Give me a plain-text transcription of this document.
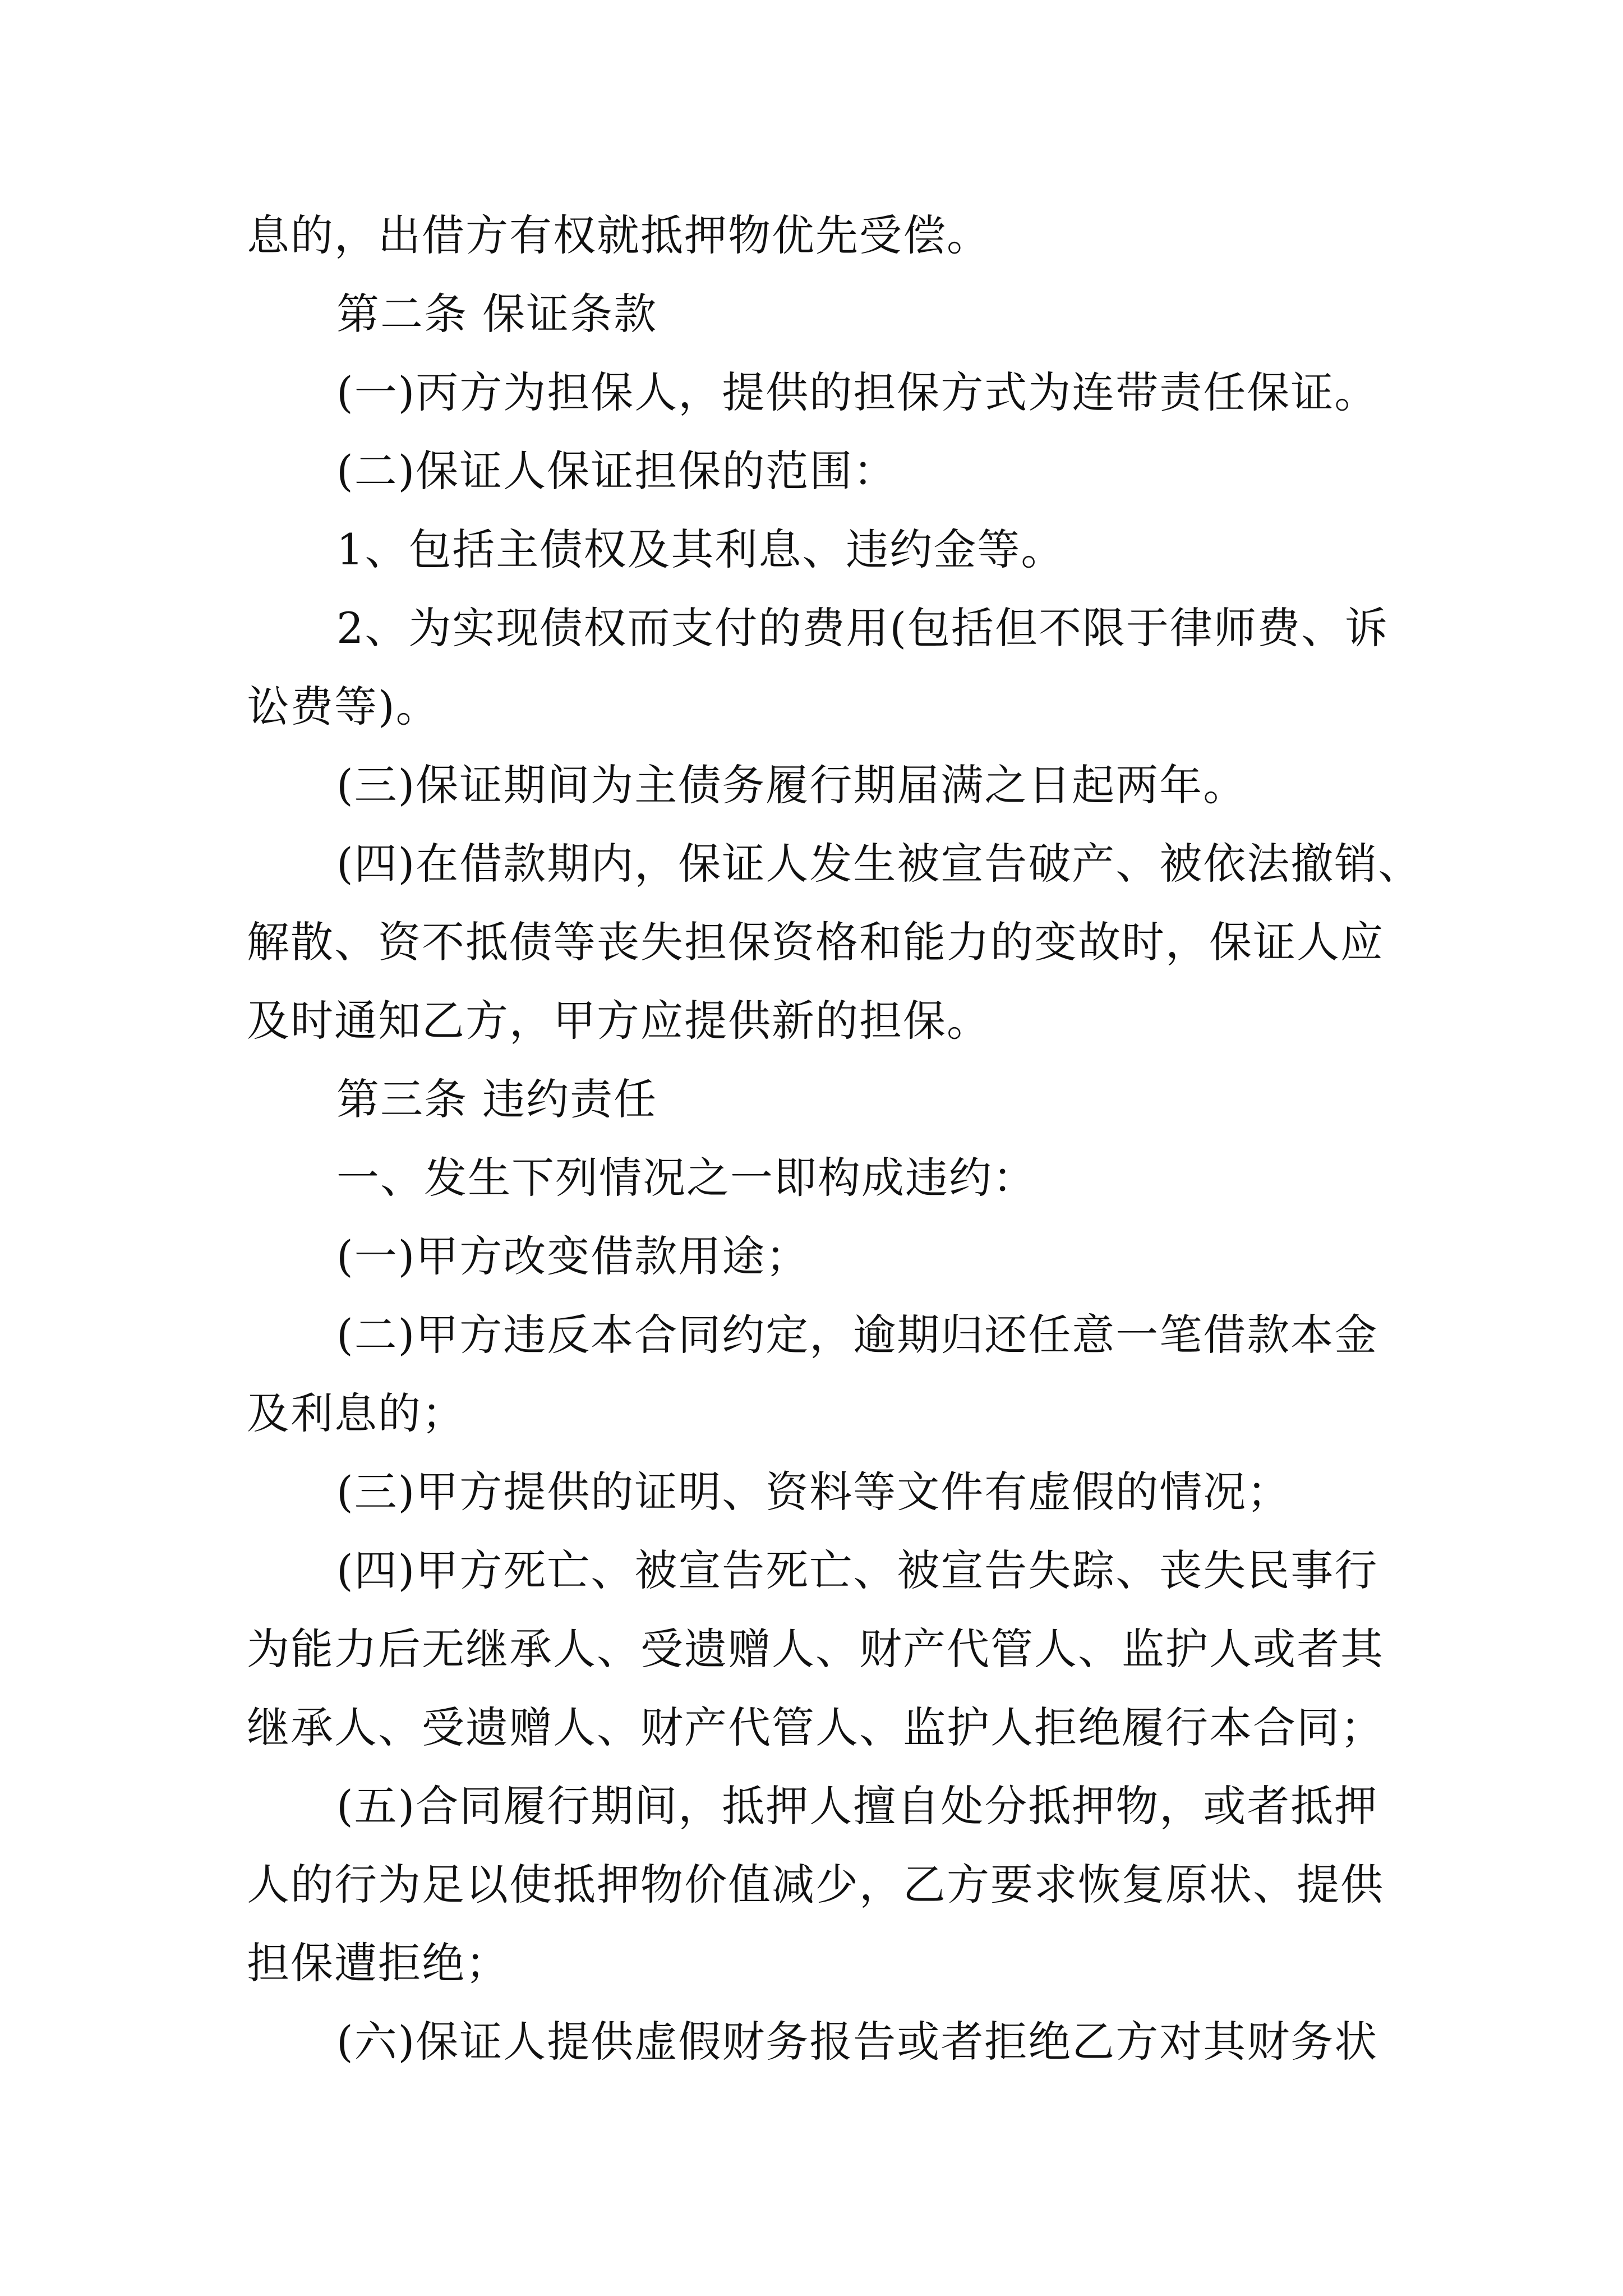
息的，出借方有权就抵押物优先受偿。
第二条 保证条款
(一)丙方为担保人，提供的担保方式为连带责任保证。
(二)保证人保证担保的范围：
1、包括主债权及其利息、违约金等。
2、为实现债权而支付的费用(包括但不限于律师费、诉
讼费等)。
(三)保证期间为主债务履行期届满之日起两年。
(四)在借款期内，保证人发生被宣告破产、被依法撤销、
解散、资不抵债等丧失担保资格和能力的变故时，保证人应
及时通知乙方，甲方应提供新的担保。
第三条 违约责任
一、发生下列情况之一即构成违约：
(一)甲方改变借款用途；
(二)甲方违反本合同约定，逾期归还任意一笔借款本金
及利息的；
(三)甲方提供的证明、资料等文件有虚假的情况；
(四)甲方死亡、被宣告死亡、被宣告失踪、丧失民事行
为能力后无继承人、受遗赠人、财产代管人、监护人或者其
继承人、受遗赠人、财产代管人、监护人拒绝履行本合同；
(五)合同履行期间，抵押人擅自处分抵押物，或者抵押
人的行为足以使抵押物价值减少，乙方要求恢复原状、提供
担保遭拒绝；
(六)保证人提供虚假财务报告或者拒绝乙方对其财务状
